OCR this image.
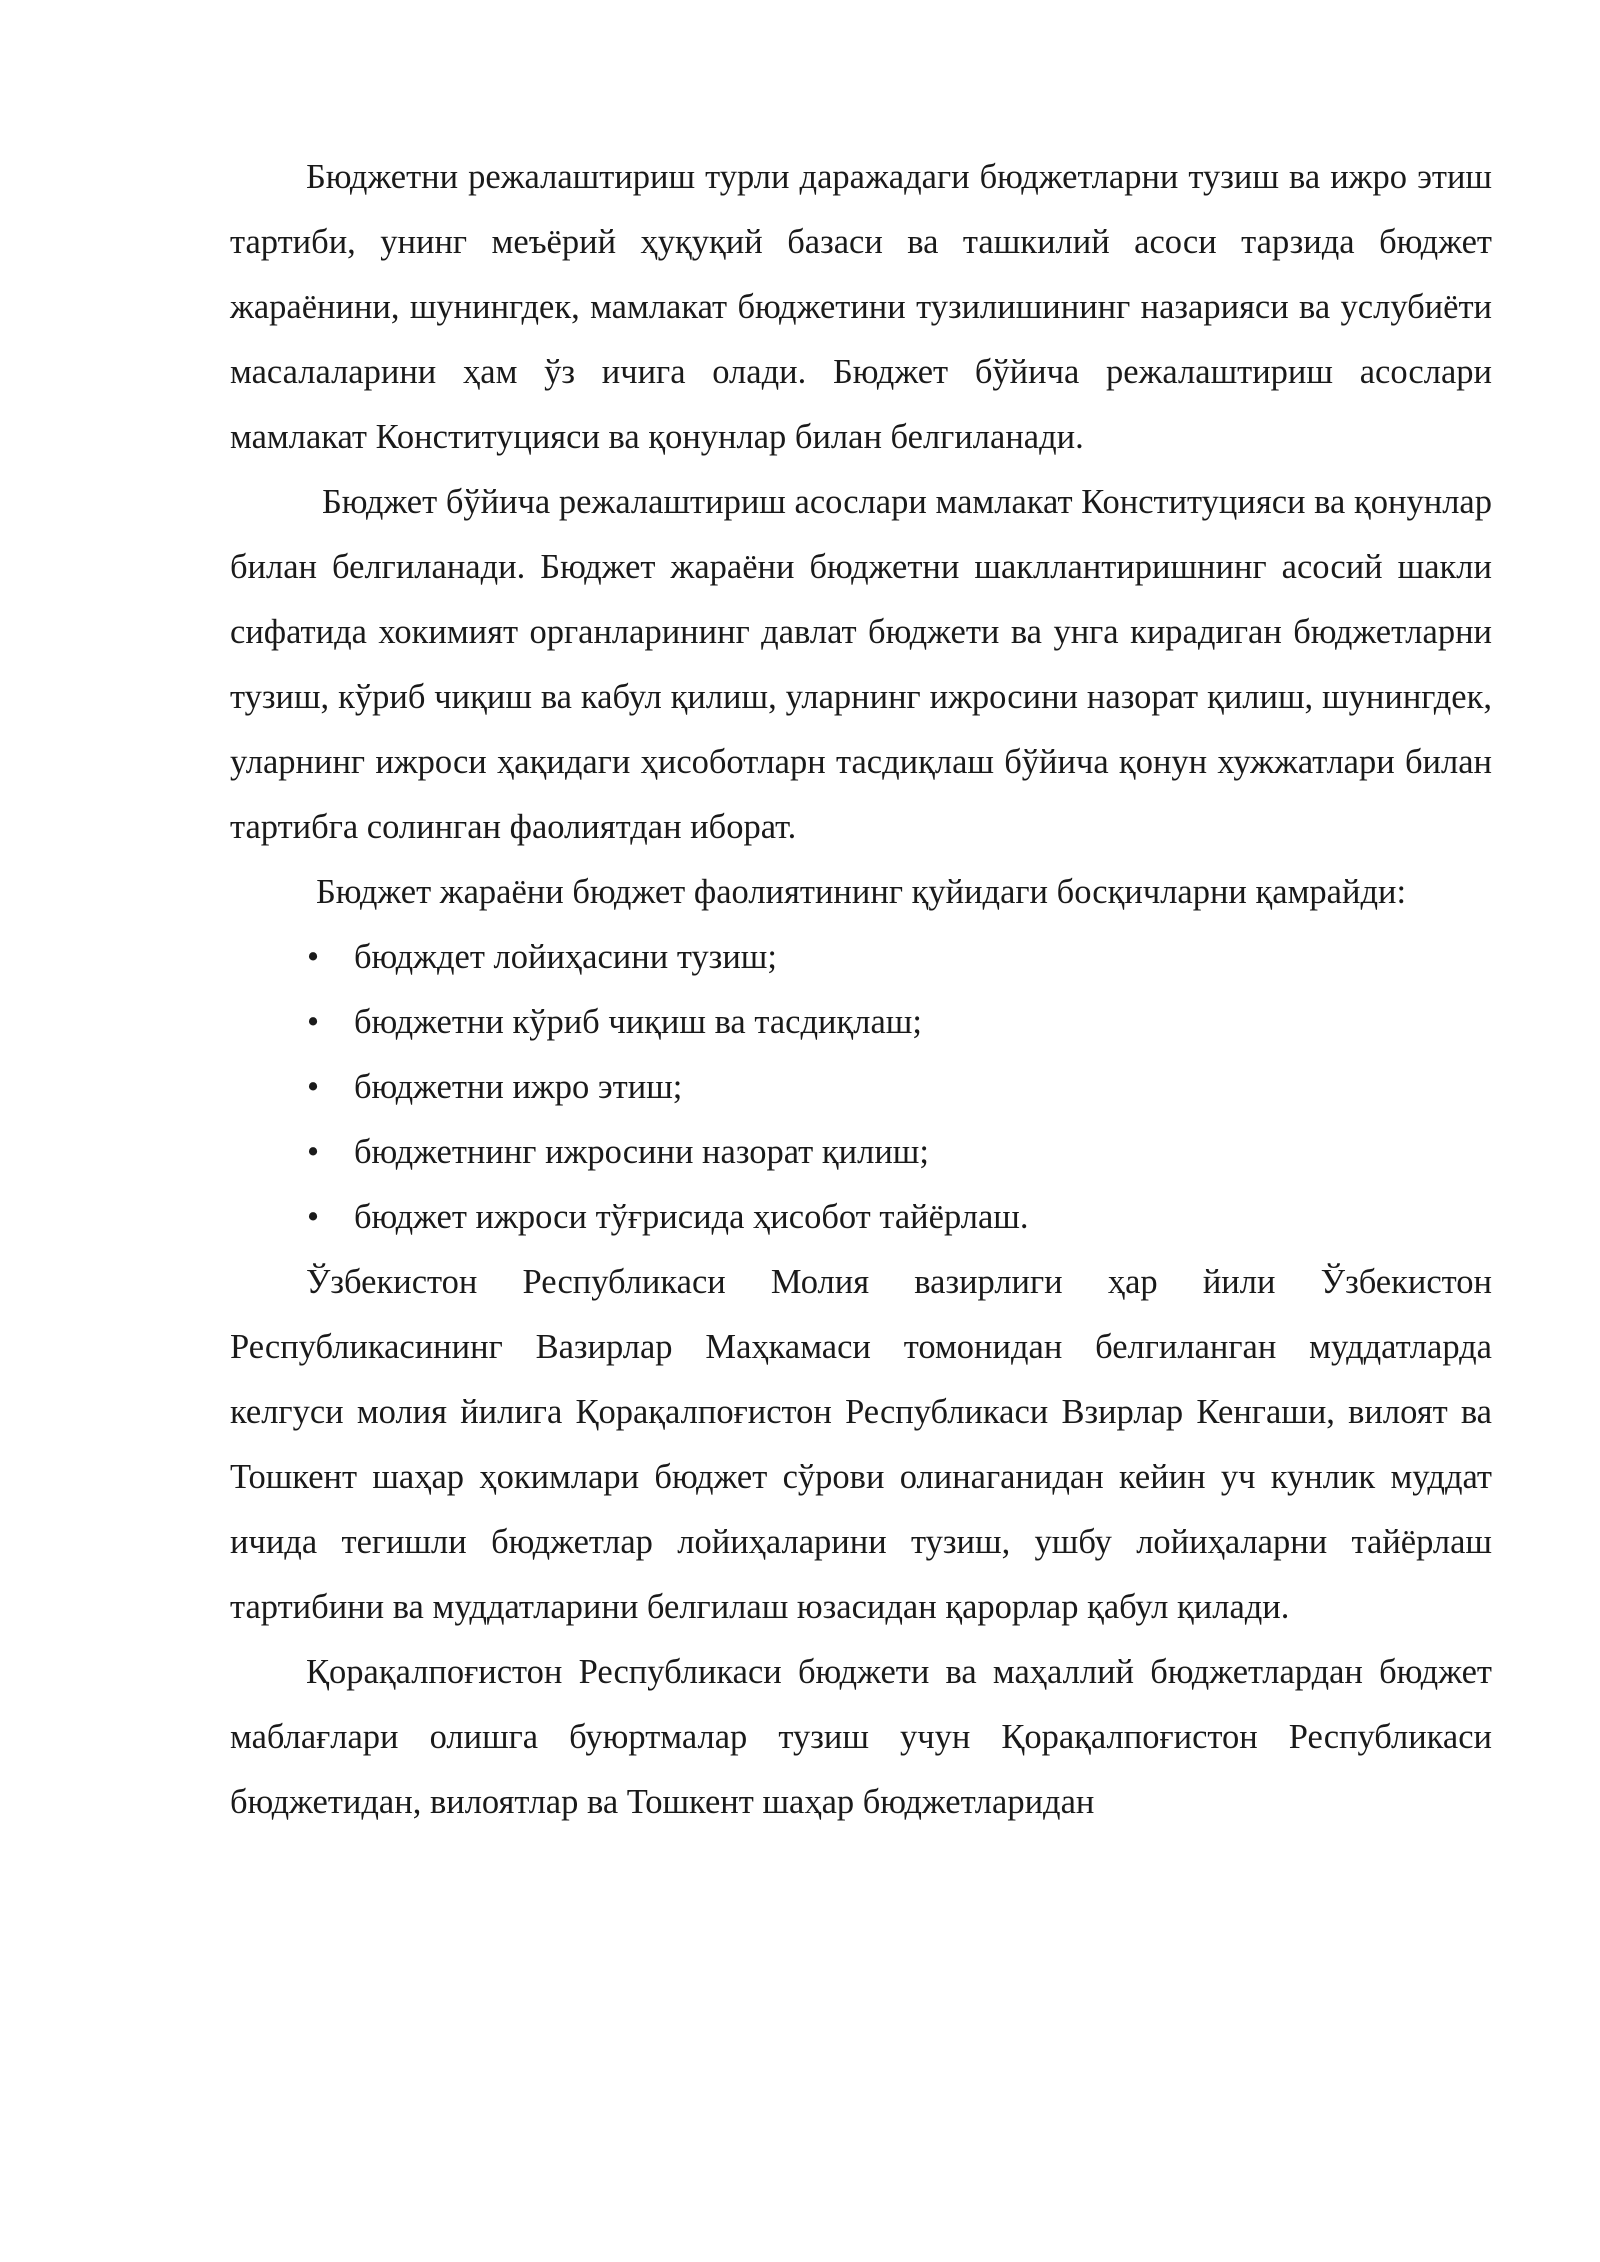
Бюджетни режалаштириш турли даражадаги бюджетларни тузиш ва ижро этиш тартиби, унинг меъёрий ҳуқуқий базаси ва ташкилий асоси тарзида бюджет жараёнини, шунингдек, мамлакат бюджетини тузилишининг назарияси ва услубиёти масалаларини ҳам ўз ичига олади. Бюджет бўйича режалаштириш асослари мамлакат Конституцияси ва қонунлар билан белгиланади.

Бюджет бўйича режалаштириш асослари мамлакат Конституцияси ва қонунлар билан белгиланади. Бюджет жараёни бюджетни шакллантиришнинг асосий шакли сифатида хокимият органларининг давлат бюджети ва унга кирадиган бюджетларни тузиш, кўриб чиқиш ва кабул қилиш, уларнинг ижросини назорат қилиш, шунингдек, уларнинг ижроси ҳақидаги ҳисоботларн тасдиқлаш бўйича қонун хужжатлари билан тартибга солинган фаолиятдан иборат.

Бюджет жараёни бюджет фаолиятининг қуйидаги босқичларни қамрайди:

• бюдждет лойиҳасини тузиш;
• бюджетни кўриб чиқиш ва тасдиқлаш;
• бюджетни ижро этиш;
• бюджетнинг ижросини назорат қилиш;
• бюджет ижроси тўғрисида ҳисобот тайёрлаш.

Ўзбекистон Республикаси Молия вазирлиги ҳар йили Ўзбекистон Республикасининг Вазирлар Маҳкамаси томонидан белгиланган муддатларда келгуси молия йилига Қорақалпоғистон Республикаси Взирлар Кенгаши, вилоят ва Тошкент шаҳар ҳокимлари бюджет сўрови олинаганидан кейин уч кунлик муддат ичида тегишли бюджетлар лойиҳаларини тузиш, ушбу лойиҳаларни тайёрлаш тартибини ва муддатларини белгилаш юзасидан қарорлар қабул қилади.

Қорақалпоғистон Республикаси бюджети ва маҳаллий бюджетлардан бюджет маблағлари олишга буюртмалар тузиш учун Қорақалпоғистон Республикаси бюджетидан, вилоятлар ва Тошкент шаҳар бюджетларидан
